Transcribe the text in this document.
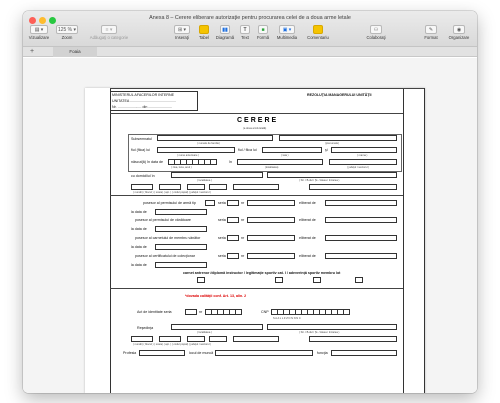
Anexa 8 – Cerere eliberare autorizaţie pentru procurarea celei de a doua arme letale
▤ ▾
Vizualizare
125 % ▾
Zoom
≡ ▾
Adăugaţi o categorie
⊞ ▾
Inseraţi	Tabel
▮▮
Diagramă
T
Text
■
Formă
▣ ▾
Multimedia	Comentariu
⚇
Colaboraţi
✎
Format
◉
Organizare
+	Foaia
MINISTERUL AFACERILOR INTERNE
UNITATEA ..............................................
Nr. ........................ din ........................
REZOLUŢIA MANAGERULUI UNITĂŢII
CERERE
(a doua armă letală)
Subsemnatul
( numele de familie)	(prenumele)
fiul (fiica) lui	fiul / fiica lui	şi
( nume anterioare )	( tata )	( mama )
născut(ă) în data de	în
( ziua, luna, anul )	(localitatea)	( judeţul / sectorul )
cu domiciliul în
( localitatea )	( Str. / B-dul / Şt. / Aleea / Intrarea )
( număr) ( blocul ) ( scara) ( apt. ) ( codul poştal) ( judeţul / sectorul )
posesor al permisului de armă tip	seria	nr	eliberat de
la data de
posesor al permisului de vânătoare	seria	nr	eliberat de
la data de
posesor al carnetului de membru vânător	seria	nr	eliberat de
la data de
posesor al certificatului de colecţionar	seria	nr	eliberat de
la data de
carnet antrenor /diplomă instructor / legitimaţie sportiv cat. I / adeverinţă sportiv membru lot
*dovada calităţii conf. Art. 13, alin. 2
Act de identitate seria	nr	CNP
S A A L L Z Z N N N N C
Reşedinţa
( localitatea )	( Str. / B-dul / Şt. / Aleea / Intrarea )
( număr) ( blocul ) ( scara) ( apt. ) ( codul poştal) ( judeţul / sectorul )
Profesia	locul de muncă	funcţia
